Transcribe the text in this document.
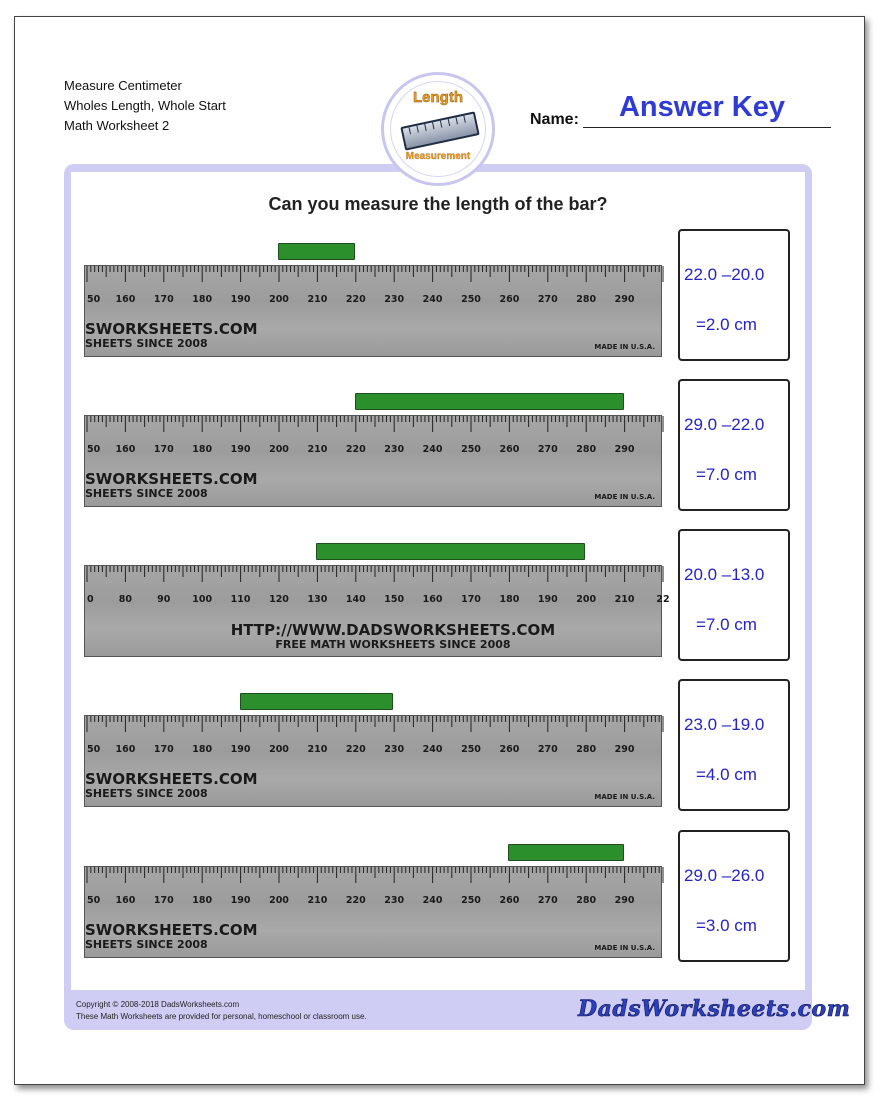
Measure Centimeter
Wholes Length, Whole Start
Math Worksheet 2
Length
Measurement
Name:	Answer Key
Can you measure the length of the bar?
50 160 170 180 190 200 210 220 230 240 250 260 270 280 290
SWORKSHEETS.COM
SHEETS SINCE 2008	MADE IN U.S.A.
22.0 –20.0
=2.0 cm
50 160 170 180 190 200 210 220 230 240 250 260 270 280 290
SWORKSHEETS.COM
SHEETS SINCE 2008	MADE IN U.S.A.
29.0 –22.0
=7.0 cm
0	80	90 100 110 120 130 140 150 160 170 180 190 200 210 22
HTTP://WWW.DADSWORKSHEETS.COM
FREE MATH WORKSHEETS SINCE 2008
20.0 –13.0
=7.0 cm
50 160 170 180 190 200 210 220 230 240 250 260 270 280 290
SWORKSHEETS.COM
SHEETS SINCE 2008	MADE IN U.S.A.
23.0 –19.0
=4.0 cm
50 160 170 180 190 200 210 220 230 240 250 260 270 280 290
SWORKSHEETS.COM
SHEETS SINCE 2008	MADE IN U.S.A.
29.0 –26.0
=3.0 cm
Copyright © 2008-2018 DadsWorksheets.com
These Math Worksheets are provided for personal, homeschool or classroom use.	DadsWorksheets.com
